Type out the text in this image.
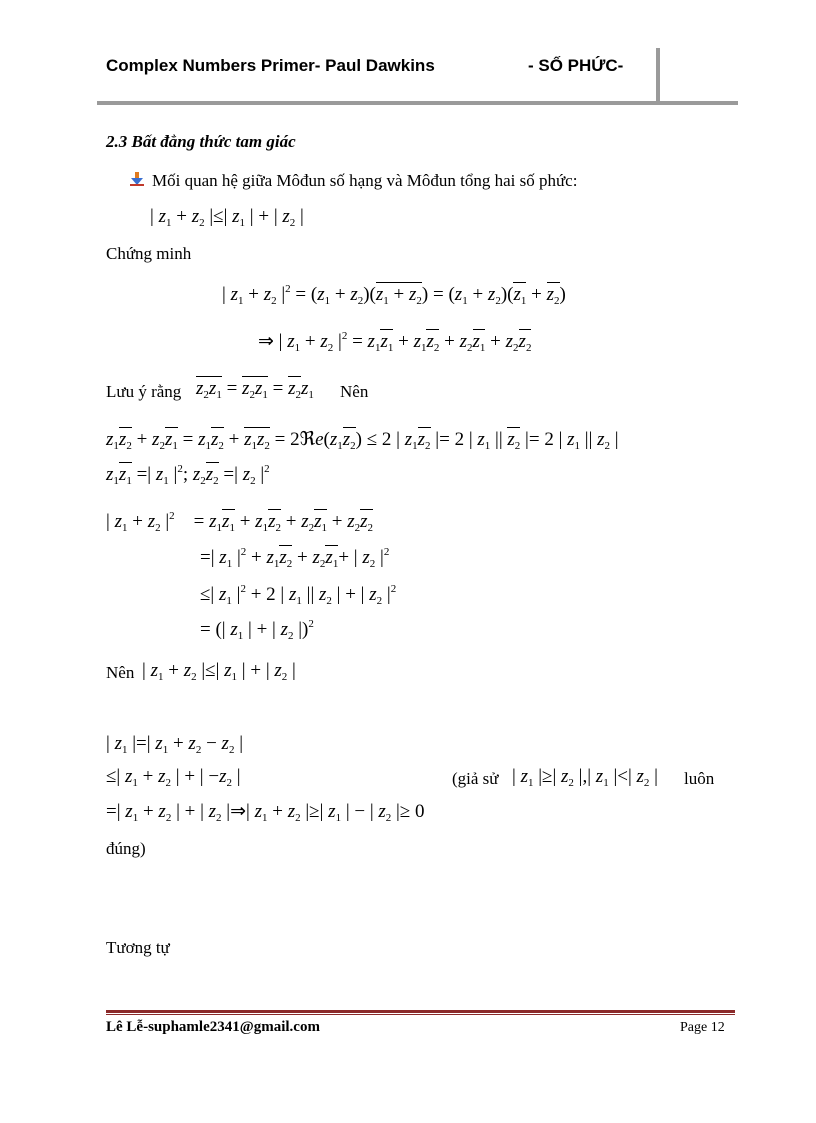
Complex Numbers Primer- Paul Dawkins	- SỐ PHỨC-
2.3 Bất đẳng thức tam giác
Mối quan hệ giữa Môđun số hạng và Môđun tổng hai số phức:
| $z_1 + z_2$ |≤| $z_1$ | + | $z_2$ |
Chứng minh
| $z_1 + z_2$ $|^2 = (z_1 + z_2)(z_1 + z_2) = (z_1 + z_2)(z_1 + z_2)$
⇒ | $z_1 + z_2$ $|^2 = z_1z_1 + z_1z_2 + z_2z_1 + z_2z_2$
Lưu ý rằng $z_2z_1 = z_2z_1 = z_2z_1$ Nên
$z_1z_2 + z_2z_1 = z_1z_2 + z_1z_2$ = $2ℜe(z_1z_2) \le 2$ | $z_1z_2$ |= 2 | $z_1$ || $z_2$ |= 2 | $z_1$ || $z_2$ |
$z_1z_1$ =| $z_1$ $|^2$; $z_2z_2$ =| $z_2$ $|^2$
| $z_1 + z_2$ $|^2$    = $z_1z_1 + z_1z_2 + z_2z_1 + z_2z_2$
=| $z_1$ $|^2 + z_1z_2 + z_2z_1+$ | $z_2$ $|^2$
≤| $z_1$ $|^2 + 2$ | $z_1$ || $z_2$ | + | $z_2$ $|^2$
= (| $z_1$ | + | $z_2$ |)$^2$
Nên | $z_1 + z_2$ |≤| $z_1$ | + | $z_2$ |
| $z_1$ |=| $z_1 + z_2 - z_2$ |
≤| $z_1 + z_2$ | + | $-z_2$ |	(giả sử | $z_1$ |≥| $z_2$ |,| $z_1$ |<| $z_2$ | luôn
=| $z_1 + z_2$ | + | $z_2$ |⇒| $z_1 + z_2$ |≥| $z_1$ | − | $z_2$ |≥ 0
đúng)
Tương tự
Lê Lễ-suphamle2341@gmail.com	Page 12
